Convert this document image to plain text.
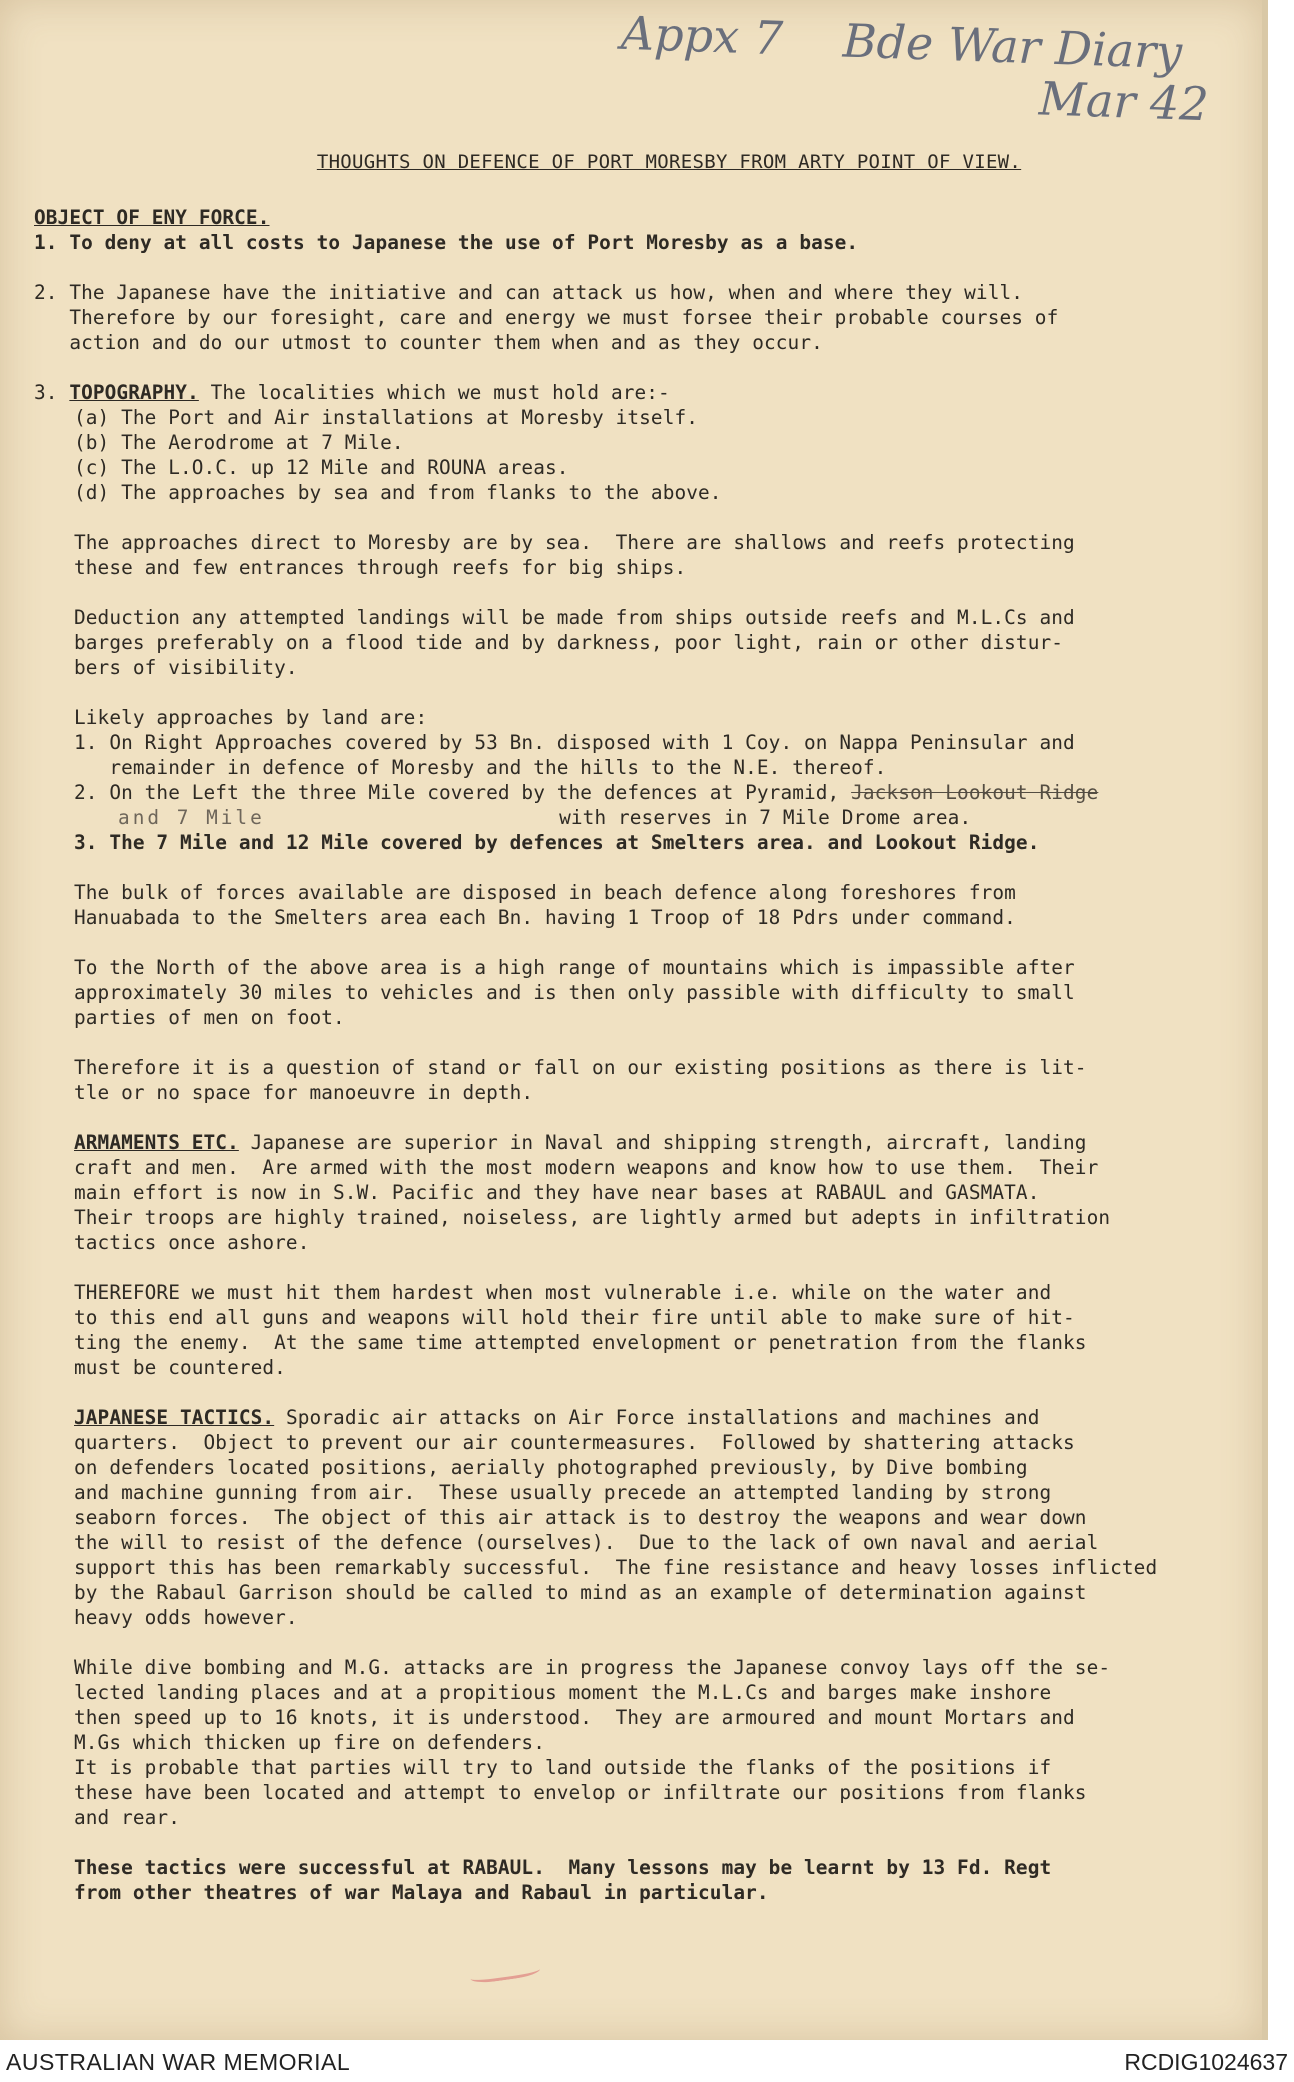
Appx 7 Bde War Diary
Mar 42
THOUGHTS ON DEFENCE OF PORT MORESBY FROM ARTY POINT OF VIEW.
OBJECT OF ENY FORCE.
1. To deny at all costs to Japanese the use of Port Moresby as a base.
2. The Japanese have the initiative and can attack us how, when and where they will.
Therefore by our foresight, care and energy we must forsee their probable courses of
action and do our utmost to counter them when and as they occur.
3. TOPOGRAPHY. The localities which we must hold are:-
(a) The Port and Air installations at Moresby itself.
(b) The Aerodrome at 7 Mile.
(c) The L.O.C. up 12 Mile and ROUNA areas.
(d) The approaches by sea and from flanks to the above.
The approaches direct to Moresby are by sea.  There are shallows and reefs protecting
these and few entrances through reefs for big ships.
Deduction any attempted landings will be made from ships outside reefs and M.L.Cs and
barges preferably on a flood tide and by darkness, poor light, rain or other distur-
bers of visibility.
Likely approaches by land are:
1. On Right Approaches covered by 53 Bn. disposed with 1 Coy. on Nappa Peninsular and
remainder in defence of Moresby and the hills to the N.E. thereof.
2. On the Left the three Mile covered by the defences at Pyramid, Jackson Lookout Ridge
and 7 Mile	with reserves in 7 Mile Drome area.
3. The 7 Mile and 12 Mile covered by defences at Smelters area. and Lookout Ridge.
The bulk of forces available are disposed in beach defence along foreshores from
Hanuabada to the Smelters area each Bn. having 1 Troop of 18 Pdrs under command.
To the North of the above area is a high range of mountains which is impassible after
approximately 30 miles to vehicles and is then only passible with difficulty to small
parties of men on foot.
Therefore it is a question of stand or fall on our existing positions as there is lit-
tle or no space for manoeuvre in depth.
ARMAMENTS ETC. Japanese are superior in Naval and shipping strength, aircraft, landing
craft and men.  Are armed with the most modern weapons and know how to use them.  Their
main effort is now in S.W. Pacific and they have near bases at RABAUL and GASMATA.
Their troops are highly trained, noiseless, are lightly armed but adepts in infiltration
tactics once ashore.
THEREFORE we must hit them hardest when most vulnerable i.e. while on the water and
to this end all guns and weapons will hold their fire until able to make sure of hit-
ting the enemy.  At the same time attempted envelopment or penetration from the flanks
must be countered.
JAPANESE TACTICS. Sporadic air attacks on Air Force installations and machines and
quarters.  Object to prevent our air countermeasures.  Followed by shattering attacks
on defenders located positions, aerially photographed previously, by Dive bombing
and machine gunning from air.  These usually precede an attempted landing by strong
seaborn forces.  The object of this air attack is to destroy the weapons and wear down
the will to resist of the defence (ourselves).  Due to the lack of own naval and aerial
support this has been remarkably successful.  The fine resistance and heavy losses inflicted
by the Rabaul Garrison should be called to mind as an example of determination against
heavy odds however.
While dive bombing and M.G. attacks are in progress the Japanese convoy lays off the se-
lected landing places and at a propitious moment the M.L.Cs and barges make inshore
then speed up to 16 knots, it is understood.  They are armoured and mount Mortars and
M.Gs which thicken up fire on defenders.
It is probable that parties will try to land outside the flanks of the positions if
these have been located and attempt to envelop or infiltrate our positions from flanks
and rear.
These tactics were successful at RABAUL.  Many lessons may be learnt by 13 Fd. Regt
from other theatres of war Malaya and Rabaul in particular.
AUSTRALIAN WAR MEMORIAL	RCDIG1024637
